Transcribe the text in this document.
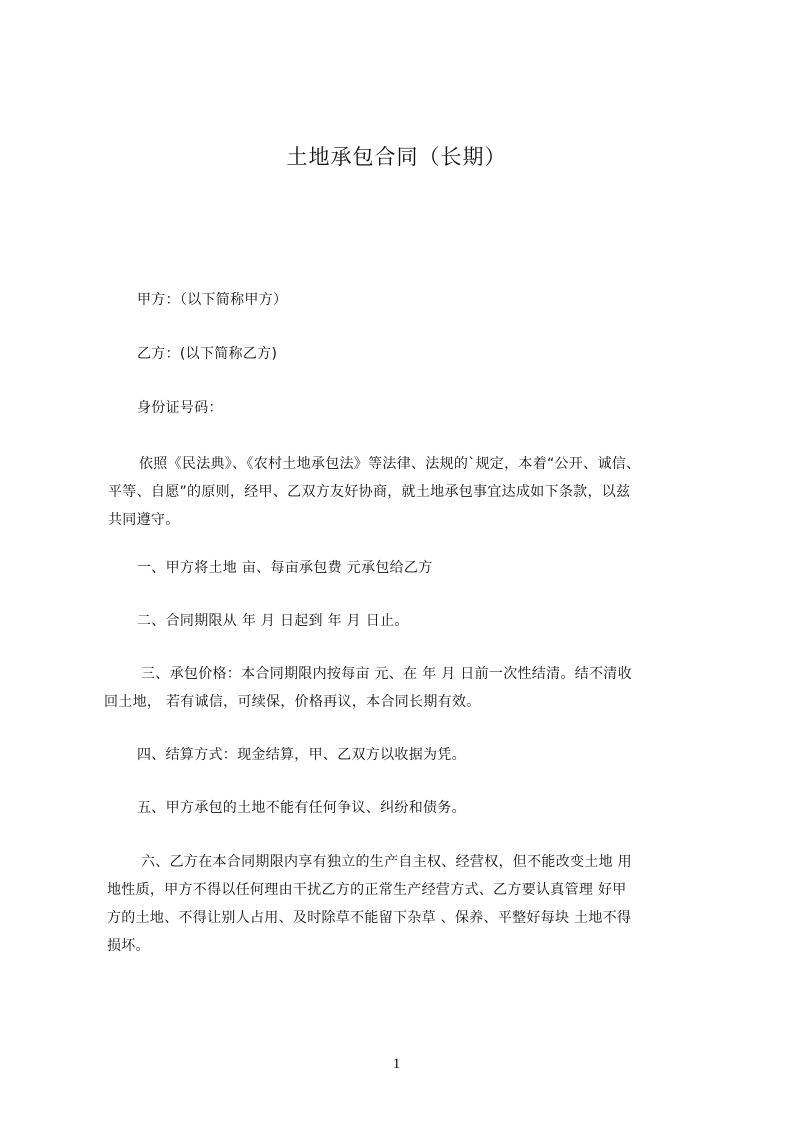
土地承包合同（长期）
甲方：（以下简称甲方）
乙方：(以下简称乙方)
身份证号码：
依照《民法典》、《农村土地承包法》等法律、法规的`规定，本着“公开、诚信、
平等、自愿”的原则，经甲、乙双方友好协商，就土地承包事宜达成如下条款，以兹
共同遵守。
一、甲方将土地 亩、每亩承包费 元承包给乙方
二、合同期限从 年 月 日起到 年 月 日止。
三、承包价格：本合同期限内按每亩 元、在 年 月 日前一次性结清。结不清收
回土地， 若有诚信，可续保，价格再议，本合同长期有效。
四、结算方式：现金结算，甲、乙双方以收据为凭。
五、甲方承包的土地不能有任何争议、纠纷和债务。
六、乙方在本合同期限内享有独立的生产自主权、经营权，但不能改变土地 用
地性质，甲方不得以任何理由干扰乙方的正常生产经营方式、乙方要认真管理 好甲
方的土地、不得让别人占用、及时除草不能留下杂草 、保养、平整好每块 土地不得
损坏。
1
